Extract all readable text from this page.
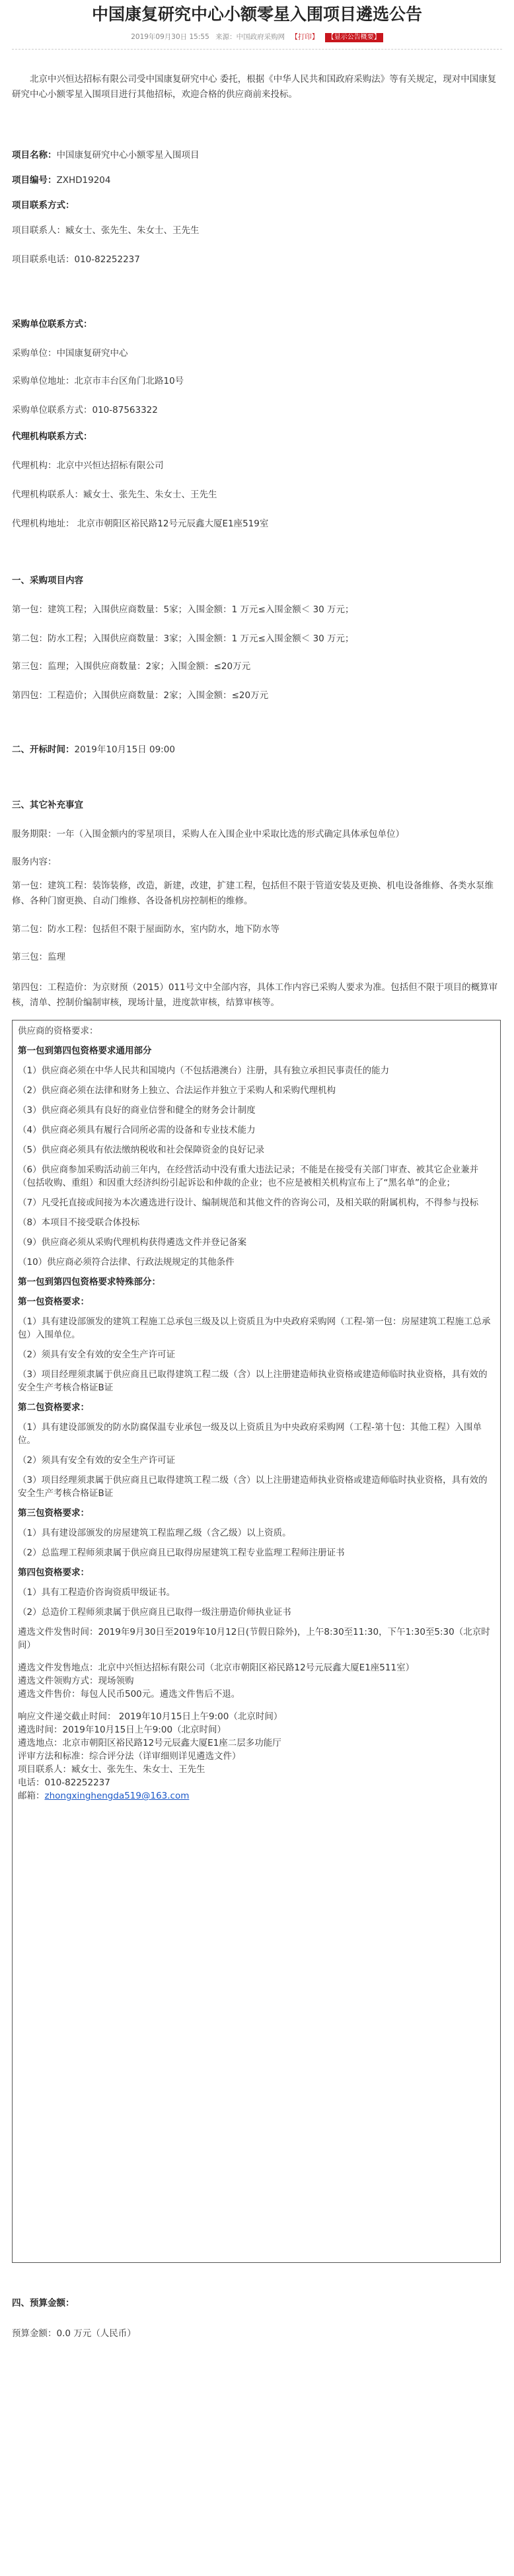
中国康复研究中心小额零星入围项目遴选公告
2019年09月30日 15:55 来源：中国政府采购网 【打印】 【显示公告概要】

北京中兴恒达招标有限公司受中国康复研究中心 委托，根据《中华人民共和国政府采购法》等有关规定，现对中国康复研究中心小额零星入围项目进行其他招标，欢迎合格的供应商前来投标。

项目名称：中国康复研究中心小额零星入围项目

项目编号：ZXHD19204

项目联系方式：

项目联系人：臧女士、张先生、朱女士、王先生

项目联系电话：010-82252237

采购单位联系方式：

采购单位：中国康复研究中心

采购单位地址：北京市丰台区角门北路10号

采购单位联系方式：010-87563322

代理机构联系方式：

代理机构：北京中兴恒达招标有限公司

代理机构联系人：臧女士、张先生、朱女士、王先生

代理机构地址： 北京市朝阳区裕民路12号元辰鑫大厦E1座519室

一、采购项目内容

第一包：建筑工程；入围供应商数量：5家；入围金额：1 万元≤入围金额＜ 30 万元；

第二包：防水工程；入围供应商数量：3家；入围金额：1 万元≤入围金额＜ 30 万元；

第三包：监理；入围供应商数量：2家；入围金额：≤20万元

第四包：工程造价；入围供应商数量：2家；入围金额：≤20万元

二、开标时间：2019年10月15日 09:00

三、其它补充事宜

服务期限：一年（入围金额内的零星项目，采购人在入围企业中采取比选的形式确定具体承包单位）

服务内容：

第一包：建筑工程：装饰装修，改造，新建，改建，扩建工程，包括但不限于管道安装及更换、机电设备维修、各类水泵维修、各种门窗更换、自动门维修、各设备机房控制柜的维修。

第二包：防水工程：包括但不限于屋面防水，室内防水，地下防水等

第三包：监理

第四包：工程造价：为京财预（2015）011号文中全部内容，具体工作内容已采购人要求为准。包括但不限于项目的概算审核，清单、控制价编制审核，现场计量，进度款审核，结算审核等。

供应商的资格要求：

第一包到第四包资格要求通用部分

（1）供应商必须在中华人民共和国境内（不包括港澳台）注册，具有独立承担民事责任的能力

（2）供应商必须在法律和财务上独立、合法运作并独立于采购人和采购代理机构

（3）供应商必须具有良好的商业信誉和健全的财务会计制度

（4）供应商必须具有履行合同所必需的设备和专业技术能力

（5）供应商必须具有依法缴纳税收和社会保障资金的良好记录

（6）供应商参加采购活动前三年内，在经营活动中没有重大违法记录；不能是在接受有关部门审查、被其它企业兼并（包括收购、重组）和因重大经济纠纷引起诉讼和仲裁的企业；也不应是被相关机构宣布上了“黑名单”的企业；

（7）凡受托直接或间接为本次遴选进行设计、编制规范和其他文件的咨询公司，及相关联的附属机构，不得参与投标

（8）本项目不接受联合体投标

（9）供应商必须从采购代理机构获得遴选文件并登记备案

（10）供应商必须符合法律、行政法规规定的其他条件

第一包到第四包资格要求特殊部分：

第一包资格要求：

（1）具有建设部颁发的建筑工程施工总承包三级及以上资质且为中央政府采购网（工程-第一包：房屋建筑工程施工总承包）入围单位。

（2）须具有安全有效的安全生产许可证

（3）项目经理须隶属于供应商且已取得建筑工程二级（含）以上注册建造师执业资格或建造师临时执业资格，具有效的安全生产考核合格证B证

第二包资格要求：

（1）具有建设部颁发的防水防腐保温专业承包一级及以上资质且为中央政府采购网（工程-第十包：其他工程）入围单位。

（2）须具有安全有效的安全生产许可证

（3）项目经理须隶属于供应商且已取得建筑工程二级（含）以上注册建造师执业资格或建造师临时执业资格，具有效的安全生产考核合格证B证

第三包资格要求：

（1）具有建设部颁发的房屋建筑工程监理乙级（含乙级）以上资质。

（2）总监理工程师须隶属于供应商且已取得房屋建筑工程专业监理工程师注册证书

第四包资格要求：

（1）具有工程造价咨询资质甲级证书。

（2）总造价工程师须隶属于供应商且已取得一级注册造价师执业证书

遴选文件发售时间：2019年9月30日至2019年10月12日(节假日除外)，上午8:30至11:30，下午1:30至5:30（北京时间）

遴选文件发售地点：北京中兴恒达招标有限公司（北京市朝阳区裕民路12号元辰鑫大厦E1座511室）

遴选文件领购方式：现场领购

遴选文件售价：每包人民币500元。遴选文件售后不退。

响应文件递交截止时间： 2019年10月15日上午9:00（北京时间）

遴选时间：2019年10月15日上午9:00（北京时间）

遴选地点：北京市朝阳区裕民路12号元辰鑫大厦E1座二层多功能厅

评审方法和标准：综合评分法（详审细则详见遴选文件）

项目联系人：臧女士、张先生、朱女士、王先生

电话：010-82252237

邮箱：zhongxinghengda519@163.com

四、预算金额：

预算金额：0.0 万元（人民币）
